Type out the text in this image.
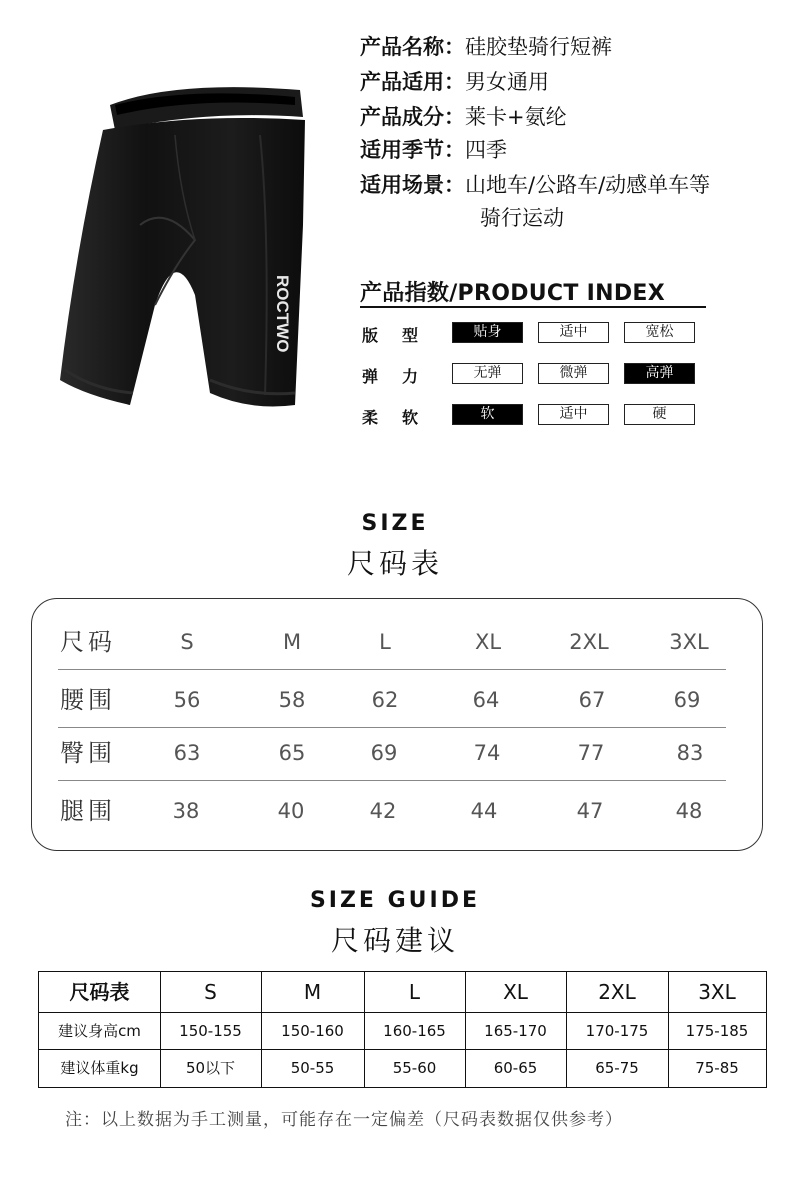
ROCTWO
产品名称：硅胶垫骑行短裤
产品适用：男女通用
产品成分：莱卡+氨纶
适用季节：四季
适用场景：山地车/公路车/动感单车等
骑行运动
产品指数/PRODUCT INDEX
版型	贴身	适中	宽松
弹力	无弹	微弹	高弹
柔软	软	适中	硬
SIZE
尺码表
尺码	S	M	L	XL	2XL	3XL
腰围	56	58	62	64	67	69
臀围	63	65	69	74	77	83
腿围	38	40	42	44	47	48
SIZE GUIDE
尺码建议
尺码表	S	M	L	XL	2XL	3XL
建议身高cm	150-155	150-160	160-165	165-170	170-175	175-185
建议体重kg	50以下	50-55	55-60	60-65	65-75	75-85
注：以上数据为手工测量，可能存在一定偏差（尺码表数据仅供参考）
